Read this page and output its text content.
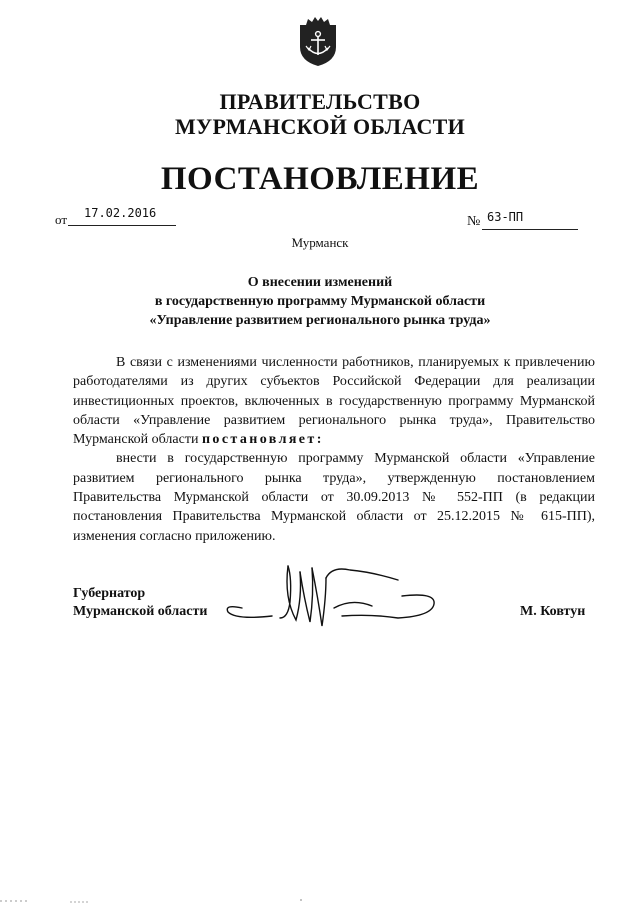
ПРАВИТЕЛЬСТВО
МУРМАНСКОЙ ОБЛАСТИ
ПОСТАНОВЛЕНИЕ
от 17.02.2016
№ 63-ПП
Мурманск
О внесении изменений
в государственную программу Мурманской области
«Управление развитием регионального рынка труда»

В связи с изменениями численности работников, планируемых к привлечению работодателями из других субъектов Российской Федерации для реализации инвестиционных проектов, включенных в государственную программу Мурманской области «Управление развитием регионального рынка труда», Правительство Мурманской области постановляет:

внести в государственную программу Мурманской области «Управление развитием регионального рынка труда», утвержденную постановлением Правительства Мурманской области от 30.09.2013 № 552-ПП (в редакции постановления Правительства Мурманской области от 25.12.2015 № 615-ПП), изменения согласно приложению.

Губернатор
Мурманской области	М. Ковтун
